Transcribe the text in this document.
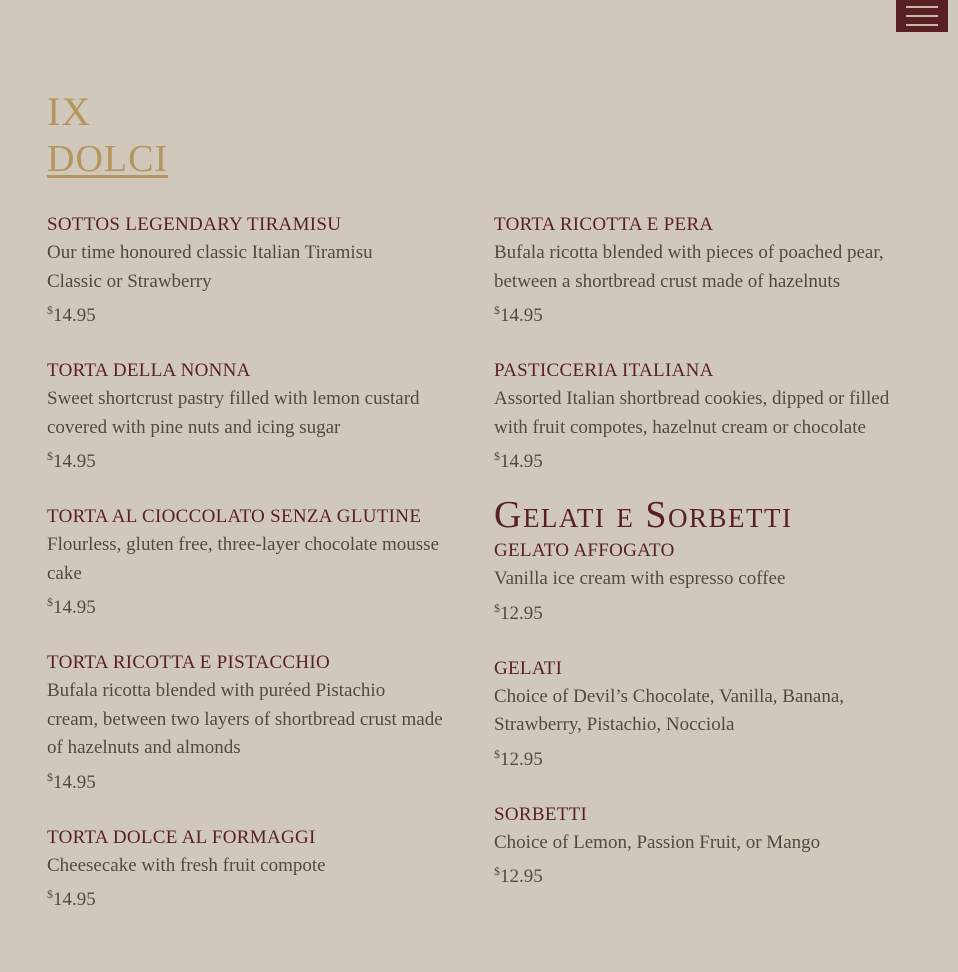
IX
DOLCI
SOTTOS LEGENDARY TIRAMISU
Our time honoured classic Italian Tiramisu
Classic or Strawberry
$14.95
TORTA DELLA NONNA
Sweet shortcrust pastry filled with lemon custard
covered with pine nuts and icing sugar
$14.95
TORTA AL CIOCCOLATO SENZA GLUTINE
Flourless, gluten free, three-layer chocolate mousse
cake
$14.95
TORTA RICOTTA E PISTACCHIO
Bufala ricotta blended with puréed Pistachio
cream, between two layers of shortbread crust made
of hazelnuts and almonds
$14.95
TORTA DOLCE AL FORMAGGI
Cheesecake with fresh fruit compote
$14.95
TORTA RICOTTA E PERA
Bufala ricotta blended with pieces of poached pear,
between a shortbread crust made of hazelnuts
$14.95
PASTICCERIA ITALIANA
Assorted Italian shortbread cookies, dipped or filled
with fruit compotes, hazelnut cream or chocolate
$14.95
Gelati e Sorbetti
GELATO AFFOGATO
Vanilla ice cream with espresso coffee
$12.95
GELATI
Choice of Devil’s Chocolate, Vanilla, Banana,
Strawberry, Pistachio, Nocciola
$12.95
SORBETTI
Choice of Lemon, Passion Fruit, or Mango
$12.95
